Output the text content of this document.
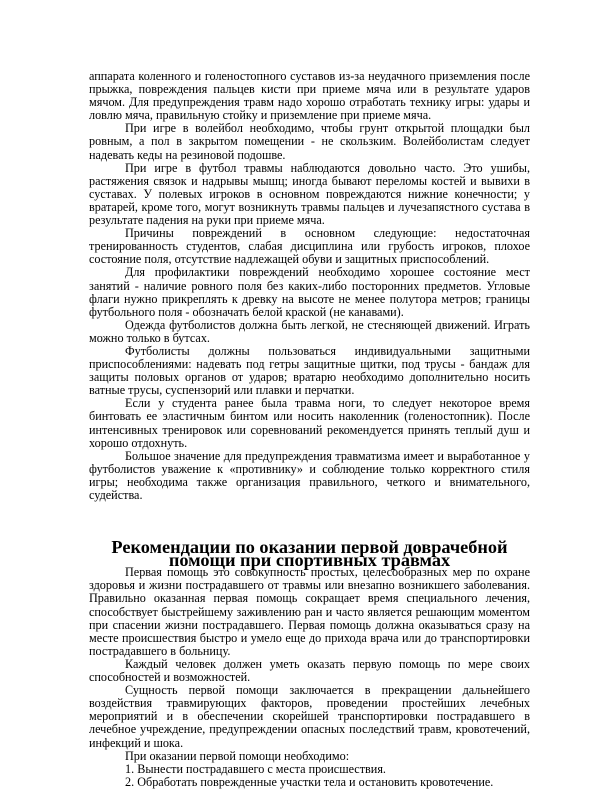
аппарата коленного и голеностопного суставов из-за неудачного приземления после прыжка, повреждения пальцев кисти при приеме мяча или в результате ударов мячом. Для предупреждения травм надо хорошо отработать технику игры: удары и ловлю мяча, правильную стойку и приземление при приеме мяча.

При игре в волейбол необходимо, чтобы грунт открытой площадки был ровным, а пол в закрытом помещении - не скользким. Волейболистам следует надевать кеды на резиновой подошве.

При игре в футбол травмы наблюдаются довольно часто. Это ушибы, растяжения связок и надрывы мышц; иногда бывают переломы костей и вывихи в суставах. У полевых игроков в основном повреждаются нижние конечности; у вратарей, кроме того, могут возникнуть травмы пальцев и лучезапястного сустава в результате падения на руки при приеме мяча.

Причины повреждений в основном следующие: недостаточная тренированность студентов, слабая дисциплина или грубость игроков, плохое состояние поля, отсутствие надлежащей обуви и защитных приспособлений.

Для профилактики повреждений необходимо хорошее состояние мест занятий - наличие ровного поля без каких-либо посторонних предметов. Угловые флаги нужно прикреплять к древку на высоте не менее полутора метров; границы футбольного поля - обозначать белой краской (не канавами).

Одежда футболистов должна быть легкой, не стесняющей движений. Играть можно только в бутсах.

Футболисты должны пользоваться индивидуальными защитными приспособлениями: надевать под гетры защитные щитки, под трусы - бандаж для защиты половых органов от ударов; вратарю необходимо дополнительно носить ватные трусы, суспензорий или плавки и перчатки.

Если у студента ранее была травма ноги, то следует некоторое время бинтовать ее эластичным бинтом или носить наколенник (голеностопник). После интенсивных тренировок или соревнований рекомендуется принять теплый душ и хорошо отдохнуть.

Большое значение для предупреждения травматизма имеет и выработанное у футболистов уважение к «противнику» и соблюдение только корректного стиля игры; необходима также организация правильного, четкого и внимательного, судейства.

Рекомендации по оказании первой доврачебной помощи при спортивных травмах

Первая помощь это совокупность простых, целесообразных мер по охране здоровья и жизни пострадавшего от травмы или внезапно возникшего заболевания. Правильно оказанная первая помощь сокращает время специального лечения, способствует быстрейшему заживлению ран и часто является решающим моментом при спасении жизни пострадавшего. Первая помощь должна оказываться сразу на месте происшествия быстро и умело еще до прихода врача или до транспортировки пострадавшего в больницу.

Каждый человек должен уметь оказать первую помощь по мере своих способностей и возможностей.

Сущность первой помощи заключается в прекращении дальнейшего воздействия травмирующих факторов, проведении простейших лечебных мероприятий и в обеспечении скорейшей транспортировки пострадавшего в лечебное учреждение, предупреждении опасных последствий травм, кровотечений, инфекций и шока.

При оказании первой помощи необходимо:

1. Вынести пострадавшего с места происшествия.

2. Обработать поврежденные участки тела и остановить кровотечение.
